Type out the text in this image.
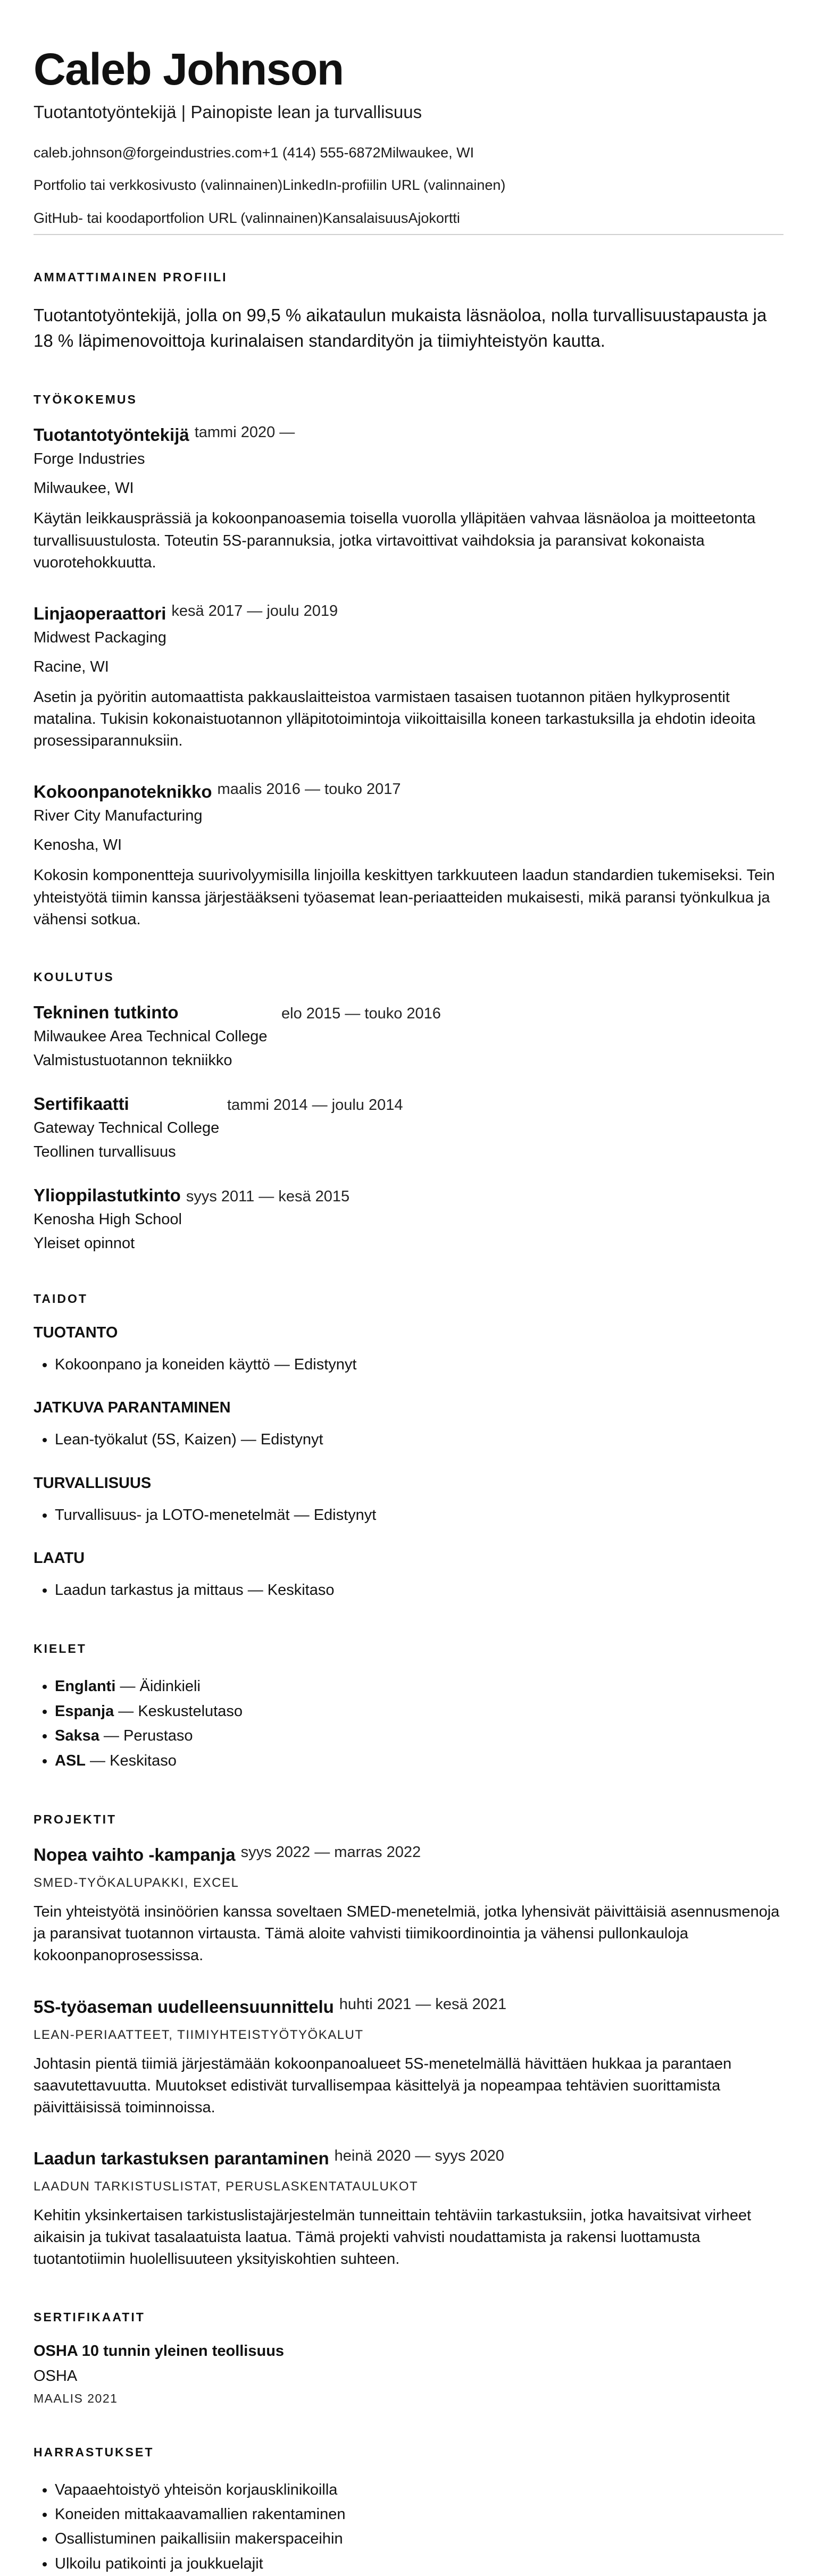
Caleb Johnson
Tuotantotyöntekijä | Painopiste lean ja turvallisuus
caleb.johnson@forgeindustries.com+1 (414) 555-6872Milwaukee, WI
Portfolio tai verkkosivusto (valinnainen)LinkedIn-profiilin URL (valinnainen)
GitHub- tai koodaportfolion URL (valinnainen)KansalaisuusAjokortti
AMMATTIMAINEN PROFIILI

Tuotantotyöntekijä, jolla on 99,5 % aikataulun mukaista läsnäoloa, nolla turvallisuustapausta ja 18 % läpimenovoittoja kurinalaisen standardityön ja tiimiyhteistyön kautta.

TYÖKOKEMUS
Tuotantotyöntekijä tammi 2020 —
Forge Industries
Milwaukee, WI
Käytän leikkausprässiä ja kokoonpanoasemia toisella vuorolla ylläpitäen vahvaa läsnäoloa ja moitteetonta turvallisuustulosta. Toteutin 5S-parannuksia, jotka virtavoittivat vaihdoksia ja paransivat kokonaista vuorotehokkuutta.
Linjaoperaattori kesä 2017 — joulu 2019
Midwest Packaging
Racine, WI
Asetin ja pyöritin automaattista pakkauslaitteistoa varmistaen tasaisen tuotannon pitäen hylkyprosentit matalina. Tukisin kokonaistuotannon ylläpitotoimintoja viikoittaisilla koneen tarkastuksilla ja ehdotin ideoita prosessiparannuksiin.
Kokoonpanoteknikko maalis 2016 — touko 2017
River City Manufacturing
Kenosha, WI
Kokosin komponentteja suurivolyymisilla linjoilla keskittyen tarkkuuteen laadun standardien tukemiseksi. Tein yhteistyötä tiimin kanssa järjestääkseni työasemat lean-periaatteiden mukaisesti, mikä paransi työnkulkua ja vähensi sotkua.
KOULUTUS
Tekninen tutkinto	elo 2015 — touko 2016
Milwaukee Area Technical College
Valmistustuotannon tekniikko
Sertifikaatti	tammi 2014 — joulu 2014
Gateway Technical College
Teollinen turvallisuus
Ylioppilastutkinto syys 2011 — kesä 2015
Kenosha High School
Yleiset opinnot
TAIDOT
TUOTANTO
• Kokoonpano ja koneiden käyttö — Edistynyt
JATKUVA PARANTAMINEN
• Lean-työkalut (5S, Kaizen) — Edistynyt
TURVALLISUUS
• Turvallisuus- ja LOTO-menetelmät — Edistynyt
LAATU
• Laadun tarkastus ja mittaus — Keskitaso
KIELET
• Englanti — Äidinkieli
• Espanja — Keskustelutaso
• Saksa — Perustaso
• ASL — Keskitaso
PROJEKTIT
Nopea vaihto -kampanja syys 2022 — marras 2022
SMED-TYÖKALUPAKKI, EXCEL
Tein yhteistyötä insinöörien kanssa soveltaen SMED-menetelmiä, jotka lyhensivät päivittäisiä asennusmenoja ja paransivat tuotannon virtausta. Tämä aloite vahvisti tiimikoordinointia ja vähensi pullonkauloja kokoonpanoprosessissa.
5S-työaseman uudelleensuunnittelu huhti 2021 — kesä 2021
LEAN-PERIAATTEET, TIIMIYHTEISTYÖTYÖKALUT
Johtasin pientä tiimiä järjestämään kokoonpanoalueet 5S-menetelmällä hävittäen hukkaa ja parantaen saavutettavuutta. Muutokset edistivät turvallisempaa käsittelyä ja nopeampaa tehtävien suorittamista päivittäisissä toiminnoissa.
Laadun tarkastuksen parantaminen heinä 2020 — syys 2020
LAADUN TARKISTUSLISTAT, PERUSLASKENTATAULUKOT
Kehitin yksinkertaisen tarkistuslistajärjestelmän tunneittain tehtäviin tarkastuksiin, jotka havaitsivat virheet aikaisin ja tukivat tasalaatuista laatua. Tämä projekti vahvisti noudattamista ja rakensi luottamusta tuotantotiimin huolellisuuteen yksityiskohtien suhteen.
SERTIFIKAATIT
OSHA 10 tunnin yleinen teollisuus
OSHA
MAALIS 2021
HARRASTUKSET
• Vapaaehtoistyö yhteisön korjausklinikoilla
• Koneiden mittakaavamallien rakentaminen
• Osallistuminen paikallisiin makerspaceihin
• Ulkoilu patikointi ja joukkuelajit
